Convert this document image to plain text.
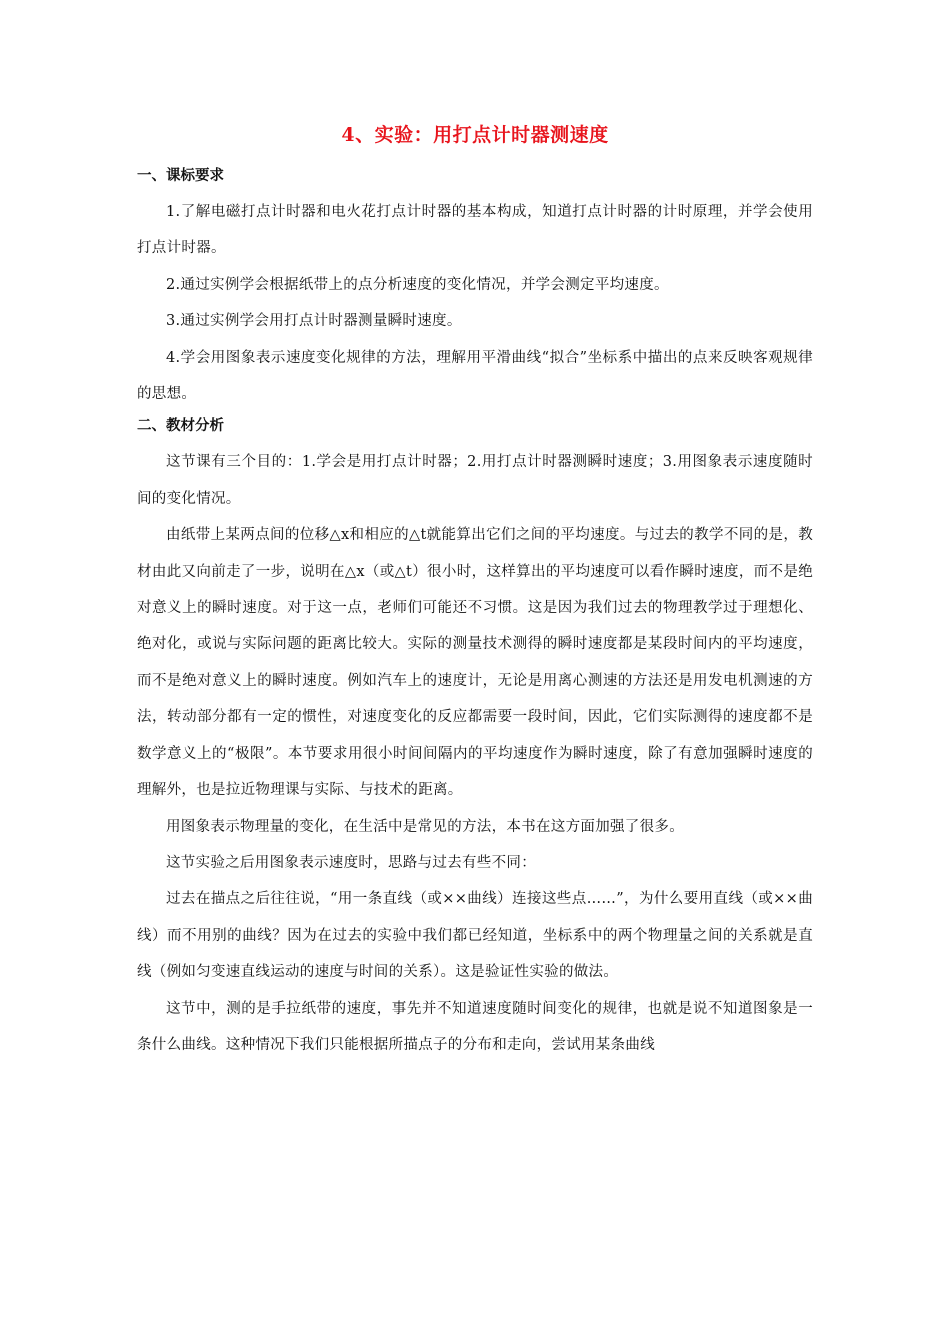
4、实验：用打点计时器测速度
一、课标要求

1.了解电磁打点计时器和电火花打点计时器的基本构成，知道打点计时器的计时原理，并学会使用打点计时器。

2.通过实例学会根据纸带上的点分析速度的变化情况，并学会测定平均速度。

3.通过实例学会用打点计时器测量瞬时速度。

4.学会用图象表示速度变化规律的方法，理解用平滑曲线“拟合”坐标系中描出的点来反映客观规律的思想。

二、教材分析

这节课有三个目的：1.学会是用打点计时器；2.用打点计时器测瞬时速度；3.用图象表示速度随时间的变化情况。

由纸带上某两点间的位移△x和相应的△t就能算出它们之间的平均速度。与过去的教学不同的是，教材由此又向前走了一步，说明在△x（或△t）很小时，这样算出的平均速度可以看作瞬时速度，而不是绝对意义上的瞬时速度。对于这一点，老师们可能还不习惯。这是因为我们过去的物理教学过于理想化、绝对化，或说与实际问题的距离比较大。实际的测量技术测得的瞬时速度都是某段时间内的平均速度，而不是绝对意义上的瞬时速度。例如汽车上的速度计，无论是用离心测速的方法还是用发电机测速的方法，转动部分都有一定的惯性，对速度变化的反应都需要一段时间，因此，它们实际测得的速度都不是数学意义上的“极限”。本节要求用很小时间间隔内的平均速度作为瞬时速度，除了有意加强瞬时速度的理解外，也是拉近物理课与实际、与技术的距离。

用图象表示物理量的变化，在生活中是常见的方法，本书在这方面加强了很多。

这节实验之后用图象表示速度时，思路与过去有些不同：

过去在描点之后往往说，“用一条直线（或××曲线）连接这些点……”，为什么要用直线（或××曲线）而不用别的曲线？因为在过去的实验中我们都已经知道，坐标系中的两个物理量之间的关系就是直线（例如匀变速直线运动的速度与时间的关系）。这是验证性实验的做法。

这节中，测的是手拉纸带的速度，事先并不知道速度随时间变化的规律，也就是说不知道图象是一条什么曲线。这种情况下我们只能根据所描点子的分布和走向，尝试用某条曲线
